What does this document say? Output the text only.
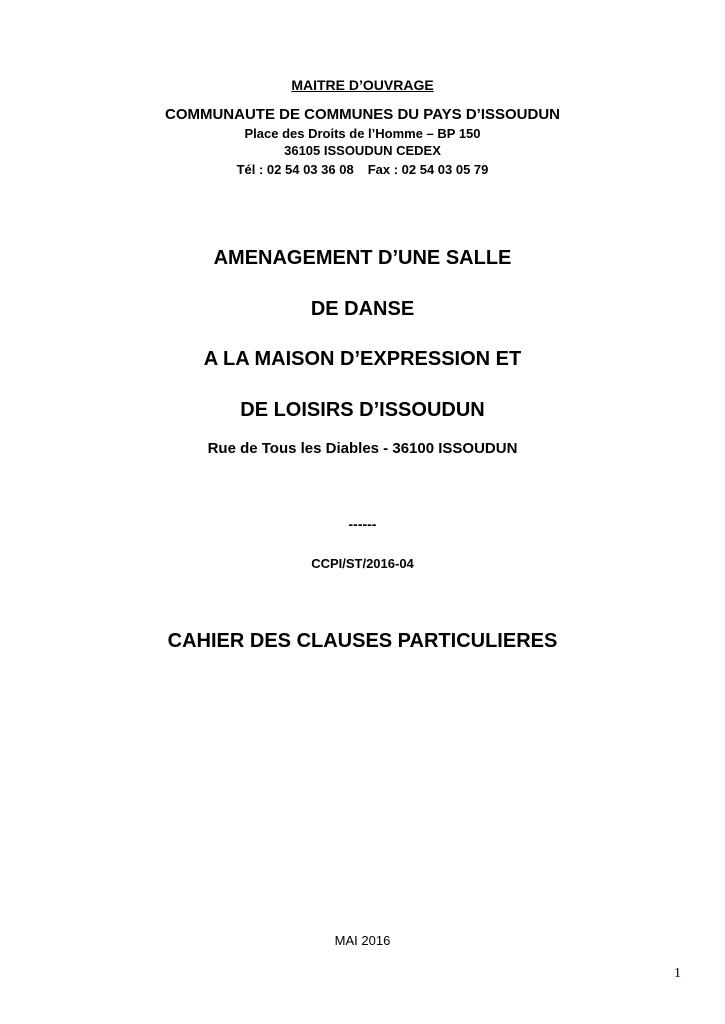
MAITRE D’OUVRAGE

COMMUNAUTE DE COMMUNES DU PAYS D’ISSOUDUN

Place des Droits de l’Homme – BP 150

36105 ISSOUDUN CEDEX

Tél : 02 54 03 36 08 Fax : 02 54 03 05 79

AMENAGEMENT D’UNE SALLE

DE DANSE

A LA MAISON D’EXPRESSION ET

DE LOISIRS D’ISSOUDUN

Rue de Tous les Diables - 36100 ISSOUDUN

------

CCPI/ST/2016-04

CAHIER DES CLAUSES PARTICULIERES

MAI 2016

1
